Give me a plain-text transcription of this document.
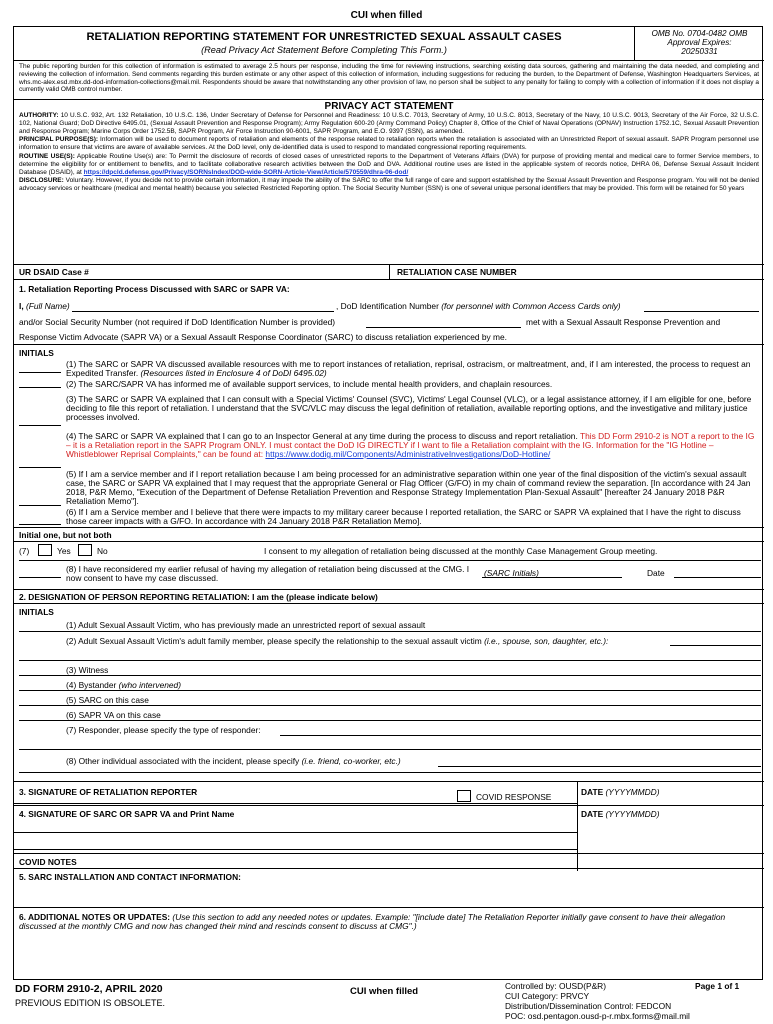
CUI when filled
RETALIATION REPORTING STATEMENT FOR UNRESTRICTED SEXUAL ASSAULT CASES
(Read Privacy Act Statement Before Completing This Form.)
OMB No. 0704-0482 OMB
Approval Expires:
20250331
The public reporting burden for this collection of information is estimated to average 2.5 hours per response, including the time for reviewing instructions, searching existing data sources, gathering and maintaining the data needed, and completing and reviewing the collection of information. Send comments regarding this burden estimate or any other aspect of this collection of information, including suggestions for reducing the burden, to the Department of Defense, Washington Headquarters Services, at whs.mc-alex.esd.mbx.dd-dod-information-collections@mail.mil. Respondents should be aware that notwithstanding any other provision of law, no person shall be subject to any penalty for failing to comply with a collection of information if it does not display a currently valid OMB control number.
PRIVACY ACT STATEMENT

AUTHORITY: 10 U.S.C. 932, Art. 132 Retaliation, 10 U.S.C. 136, Under Secretary of Defense for Personnel and Readiness: 10 U.S.C. 7013, Secretary of Army, 10 U.S.C. 8013, Secretary of the Navy, 10 U.S.C. 9013, Secretary of the Air Force, 32 U.S.C. 102, National Guard; DoD Directive 6495.01, (Sexual Assault Prevention and Response Program); Army Regulation 600-20 (Army Command Policy) Chapter 8, Office of the Chief of Naval Operations (OPNAV) Instruction 1752.1C, Sexual Assault Prevention and Response Program; Marine Corps Order 1752.5B, SAPR Program, Air Force Instruction 90-6001, SAPR Program, and E.O. 9397 (SSN), as amended.

PRINCIPAL PURPOSE(S): Information will be used to document reports of retaliation and elements of the response related to retaliation reports when the retaliation is associated with an Unrestricted Report of sexual assault. SAPR Program personnel use information to ensure that victims are aware of available services. At the DoD level, only de-identified data is used to respond to mandated congressional reporting requirements.

ROUTINE USE(S): Applicable Routine Use(s) are: To Permit the disclosure of records of closed cases of unrestricted reports to the Department of Veterans Affairs (DVA) for purpose of providing mental and medical care to former Service members, to determine the eligibility for or entitlement to benefits, and to facilitate collaborative research activities between the DoD and DVA. Additional routine uses are listed in the applicable system of records notice, DHRA 06, Defense Sexual Assault Incident Database (DSAID), at https://dpcld.defense.gov/Privacy/SORNsIndex/DOD-wide-SORN-Article-View/Article/570559/dhra-06-dod/

DISCLOSURE: Voluntary. However, if you decide not to provide certain information, it may impede the ability of the SARC to offer the full range of care and support established by the Sexual Assault Prevention and Response program. You will not be denied advocacy services or healthcare (medical and mental health) because you selected Restricted Reporting option. The Social Security Number (SSN) is one of several unique personal identifiers that may be provided. This form will be retained for 50 years

UR DSAID Case #	RETALIATION CASE NUMBER
1. Retaliation Reporting Process Discussed with SARC or SAPR VA:
I, (Full Name)	, DoD Identification Number (for personnel with Common Access Cards only)
and/or Social Security Number (not required if DoD Identification Number is provided)	met with a Sexual Assault Response Prevention and
Response Victim Advocate (SAPR VA) or a Sexual Assault Response Coordinator (SARC) to discuss retaliation experienced by me.
INITIALS
(1) The SARC or SAPR VA discussed available resources with me to report instances of retaliation, reprisal, ostracism, or maltreatment, and, if I am interested, the process to request an Expedited Transfer. (Resources listed in Enclosure 4 of DoDI 6495.02)
(2) The SARC/SAPR VA has informed me of available support services, to include mental health providers, and chaplain resources.
(3) The SARC or SAPR VA explained that I can consult with a Special Victims' Counsel (SVC), Victims' Legal Counsel (VLC), or a legal assistance attorney, if I am eligible for one, before deciding to file this report of retaliation. I understand that the SVC/VLC may discuss the legal definition of retaliation, available reporting options, and the investigative and military justice processes involved.
(4) The SARC or SAPR VA explained that I can go to an Inspector General at any time during the process to discuss and report retaliation. This DD Form 2910-2 is NOT a report to the IG – it is a Retaliation report in the SAPR Program ONLY. I must contact the DoD IG DIRECTLY if I want to file a Retaliation complaint with the IG. Information for the "IG Hotline – Whistleblower Reprisal Complaints," can be found at: https://www.dodig.mil/Components/AdministrativeInvestigations/DoD-Hotline/
(5) If I am a service member and if I report retaliation because I am being processed for an administrative separation within one year of the final disposition of the victim's sexual assault case, the SARC or SAPR VA explained that I may request that the appropriate General or Flag Officer (G/FO) in my chain of command review the separation. [In accordance with 24 Jan 2018, P&R Memo, "Execution of the Department of Defense Retaliation Prevention and Response Strategy Implementation Plan-Sexual Assault" [hereafter 24 January 2018 P&R Retaliation Memo"].
(6) If I am a Service member and I believe that there were impacts to my military career because I reported retaliation, the SARC or SAPR VA explained that I have the right to discuss those career impacts with a G/FO. In accordance with 24 January 2018 P&R Retaliation Memo].
Initial one, but not both
(7)	Yes	No	I consent to my allegation of retaliation being discussed at the monthly Case Management Group meeting.
(8) I have reconsidered my earlier refusal of having my allegation of retaliation being discussed at the CMG. I now consent to have my case discussed.	(SARC Initials)	Date
2. DESIGNATION OF PERSON REPORTING RETALIATION: I am the (please indicate below)
INITIALS
(1) Adult Sexual Assault Victim, who has previously made an unrestricted report of sexual assault
(2) Adult Sexual Assault Victim's adult family member, please specify the relationship to the sexual assault victim (i.e., spouse, son, daughter, etc.):
(3) Witness
(4) Bystander (who intervened)
(5) SARC on this case
(6) SAPR VA on this case
(7) Responder, please specify the type of responder:
(8) Other individual associated with the incident, please specify (i.e. friend, co-worker, etc.)
3. SIGNATURE OF RETALIATION REPORTER	DATE (YYYYMMDD)
COVID RESPONSE
4. SIGNATURE OF SARC OR SAPR VA and Print Name	DATE (YYYYMMDD)
COVID NOTES
5. SARC INSTALLATION AND CONTACT INFORMATION:
6. ADDITIONAL NOTES OR UPDATES: (Use this section to add any needed notes or updates. Example: "[include date] The Retaliation Reporter initially gave consent to have their allegation discussed at the monthly CMG and now has changed their mind and rescinds consent to discuss at CMG".)
DD FORM 2910-2, APRIL 2020
PREVIOUS EDITION IS OBSOLETE.
CUI when filled	Controlled by: OUSD(P&R)
CUI Category: PRVCY
Distribution/Dissemination Control: FEDCON
POC: osd.pentagon.ousd-p-r.mbx.forms@mail.mil
Page 1 of 1
